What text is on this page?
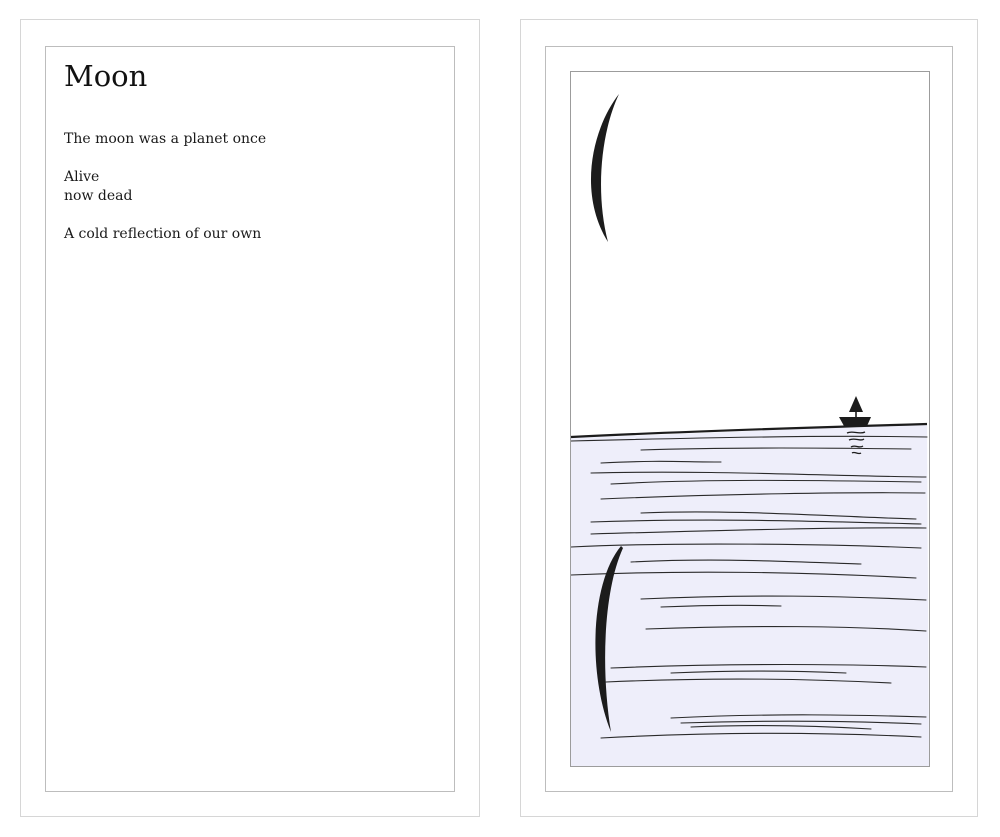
Moon

The moon was a planet once

Alive
now dead

A cold reflection of our own
